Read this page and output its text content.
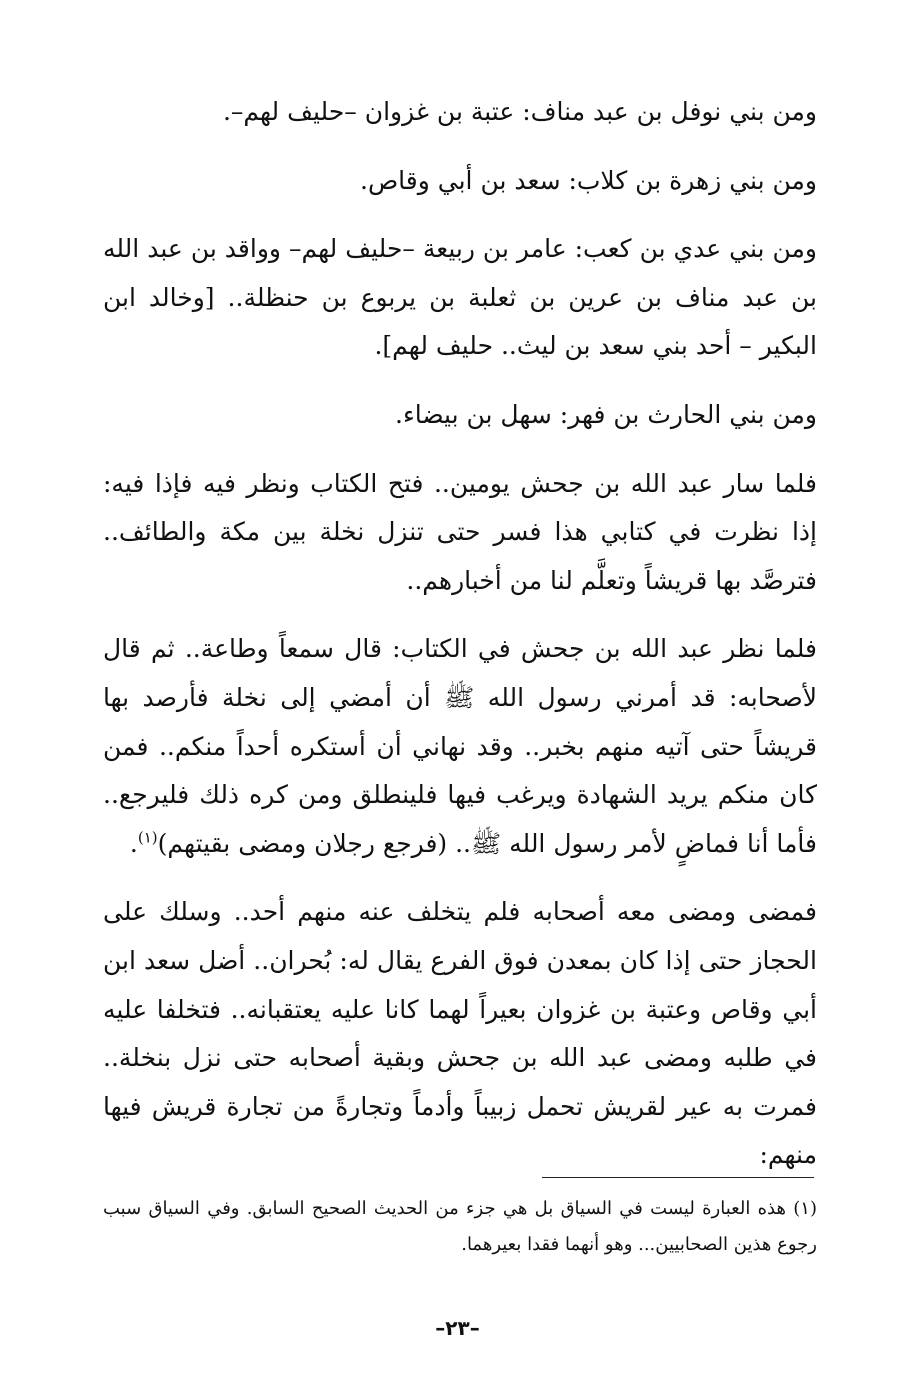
ومن بني نوفل بن عبد مناف: عتبة بن غزوان –حليف لهم–.

ومن بني زهرة بن كلاب: سعد بن أبي وقاص.

ومن بني عدي بن كعب: عامر بن ربيعة –حليف لهم– وواقد بن عبد الله بن عبد مناف بن عرين بن ثعلبة بن يربوع بن حنظلة.. [وخالد ابن البكير – أحد بني سعد بن ليث.. حليف لهم].

ومن بني الحارث بن فهر: سهل بن بيضاء.

فلما سار عبد الله بن جحش يومين.. فتح الكتاب ونظر فيه فإذا فيه: إذا نظرت في كتابي هذا فسر حتى تنزل نخلة بين مكة والطائف.. فترصَّد بها قريشاً وتعلَّم لنا من أخبارهم..

فلما نظر عبد الله بن جحش في الكتاب: قال سمعاً وطاعة.. ثم قال لأصحابه: قد أمرني رسول الله ﷺ أن أمضي إلى نخلة فأرصد بها قريشاً حتى آتيه منهم بخبر.. وقد نهاني أن أستكره أحداً منكم.. فمن كان منكم يريد الشهادة ويرغب فيها فلينطلق ومن كره ذلك فليرجع.. فأما أنا فماضٍ لأمر رسول الله ﷺ.. (فرجع رجلان ومضى بقيتهم)$^{(١)}$.

فمضى ومضى معه أصحابه فلم يتخلف عنه منهم أحد.. وسلك على الحجاز حتى إذا كان بمعدن فوق الفرع يقال له: بُحران.. أضل سعد ابن أبي وقاص وعتبة بن غزوان بعيراً لهما كانا عليه يعتقبانه.. فتخلفا عليه في طلبه ومضى عبد الله بن جحش وبقية أصحابه حتى نزل بنخلة.. فمرت به عير لقريش تحمل زبيباً وأدماً وتجارةً من تجارة قريش فيها منهم:

(١) هذه العبارة ليست في السياق بل هي جزء من الحديث الصحيح السابق. وفي السياق سبب رجوع هذين الصحابيين... وهو أنهما فقدا بعيرهما.

–٢٣–
